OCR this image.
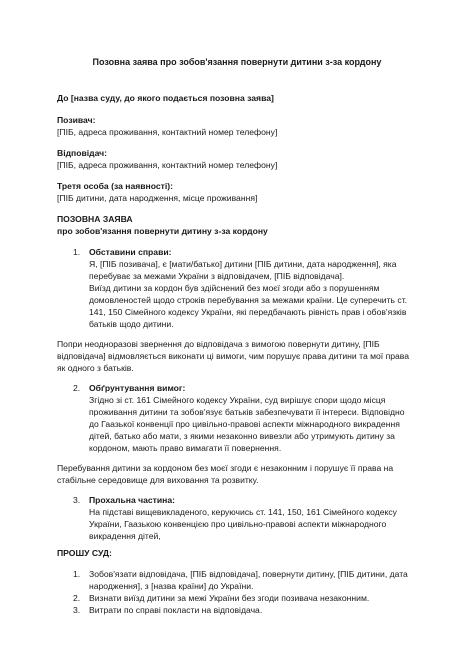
Позовна заява про зобов'язання повернути дитини з-за кордону
До [назва суду, до якого подається позовна заява]
Позивач:
[ПІБ, адреса проживання, контактний номер телефону]
Відповідач:
[ПІБ, адреса проживання, контактний номер телефону]
Третя особа (за наявності):
[ПІБ дитини, дата народження, місце проживання]
ПОЗОВНА ЗАЯВА
про зобов'язання повернути дитину з-за кордону
1. Обставини справи:
Я, [ПІБ позивача], є [мати/батько] дитини [ПІБ дитини, дата народження], яка
перебуває за межами України з відповідачем, [ПІБ відповідача].
Виїзд дитини за кордон був здійснений без моєї згоди або з порушенням
домовленостей щодо строків перебування за межами країни. Це суперечить ст.
141, 150 Сімейного кодексу України, які передбачають рівність прав і обов'язків
батьків щодо дитини.
Попри неодноразові звернення до відповідача з вимогою повернути дитину, [ПІБ
відповідача] відмовляється виконати ці вимоги, чим порушує права дитини та мої права
як одного з батьків.
2. Обґрунтування вимог:
Згідно зі ст. 161 Сімейного кодексу України, суд вирішує спори щодо місця
проживання дитини та зобов'язує батьків забезпечувати її інтереси. Відповідно
до Гаазької конвенції про цивільно-правові аспекти міжнародного викрадення
дітей, батько або мати, з якими незаконно вивезли або утримують дитину за
кордоном, мають право вимагати її повернення.
Перебування дитини за кордоном без моєї згоди є незаконним і порушує її права на
стабільне середовище для виховання та розвитку.
3. Прохальна частина:
На підставі вищевикладеного, керуючись ст. 141, 150, 161 Сімейного кодексу
України, Гаазькою конвенцією про цивільно-правові аспекти міжнародного
викрадення дітей,
ПРОШУ СУД:
1. Зобов'язати відповідача, [ПІБ відповідача], повернути дитину, [ПІБ дитини, дата
народження], з [назва країни] до України.
2. Визнати виїзд дитини за межі України без згоди позивача незаконним.
3. Витрати по справі покласти на відповідача.
